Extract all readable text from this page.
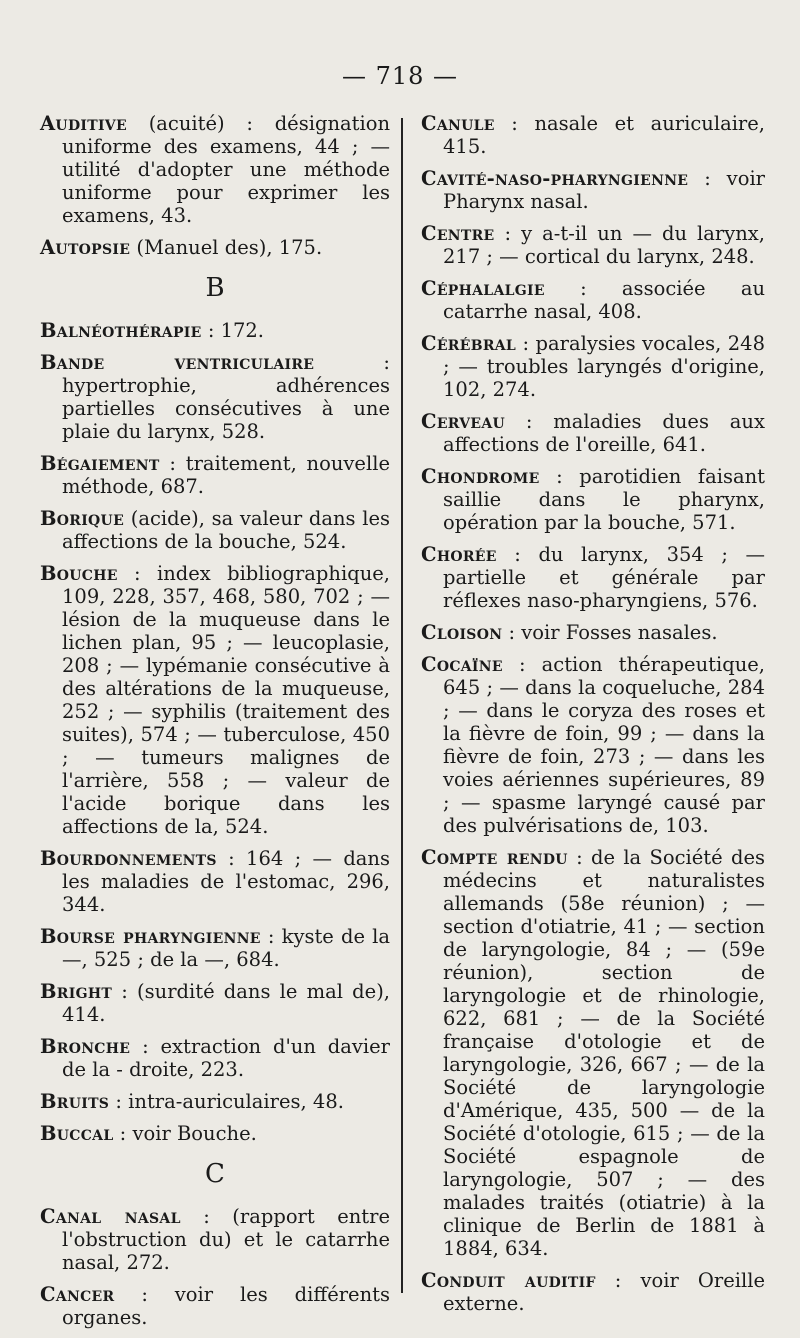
— 718 —

Auditive (acuité) : désignation uniforme des examens, 44 ; — utilité d'adopter une méthode uniforme pour exprimer les examens, 43.

Autopsie (Manuel des), 175.

B

Balnéothérapie : 172.

Bande ventriculaire : hypertrophie, adhérences partielles consécutives à une plaie du larynx, 528.

Bégaiement : traitement, nouvelle méthode, 687.

Borique (acide), sa valeur dans les affections de la bouche, 524.

Bouche : index bibliographique, 109, 228, 357, 468, 580, 702 ; — lésion de la muqueuse dans le lichen plan, 95 ; — leucoplasie, 208 ; — lypémanie consécutive à des altérations de la muqueuse, 252 ; — syphilis (traitement des suites), 574 ; — tuberculose, 450 ; — tumeurs malignes de l'arrière, 558 ; — valeur de l'acide borique dans les affections de la, 524.

Bourdonnements : 164 ; — dans les maladies de l'estomac, 296, 344.

Bourse pharyngienne : kyste de la —, 525 ; de la —, 684.

Bright : (surdité dans le mal de), 414.

Bronche : extraction d'un davier de la - droite, 223.

Bruits : intra-auriculaires, 48.

Buccal : voir Bouche.

C

Canal nasal : (rapport entre l'obstruction du) et le catarrhe nasal, 272.

Cancer : voir les différents organes.

Canule : nasale et auriculaire, 415.

Cavité-naso-pharyngienne : voir Pharynx nasal.

Centre : y a-t-il un — du larynx, 217 ; — cortical du larynx, 248.

Céphalalgie : associée au catarrhe nasal, 408.

Cérébral : paralysies vocales, 248 ; — troubles laryngés d'origine, 102, 274.

Cerveau : maladies dues aux affections de l'oreille, 641.

Chondrome : parotidien faisant saillie dans le pharynx, opération par la bouche, 571.

Chorée : du larynx, 354 ; — partielle et générale par réflexes naso-pharyngiens, 576.

Cloison : voir Fosses nasales.

Cocaïne : action thérapeutique, 645 ; — dans la coqueluche, 284 ; — dans le coryza des roses et la fièvre de foin, 99 ; — dans la fièvre de foin, 273 ; — dans les voies aériennes supérieures, 89 ; — spasme laryngé causé par des pulvérisations de, 103.

Compte rendu : de la Société des médecins et naturalistes allemands (58e réunion) ; — section d'otiatrie, 41 ; — section de laryngologie, 84 ; — (59e réunion), section de laryngologie et de rhinologie, 622, 681 ; — de la Société française d'otologie et de laryngologie, 326, 667 ; — de la Société de laryngologie d'Amérique, 435, 500 — de la Société d'otologie, 615 ; — de la Société espagnole de laryngologie, 507 ; — des malades traités (otiatrie) à la clinique de Berlin de 1881 à 1884, 634.

Conduit auditif : voir Oreille externe.
